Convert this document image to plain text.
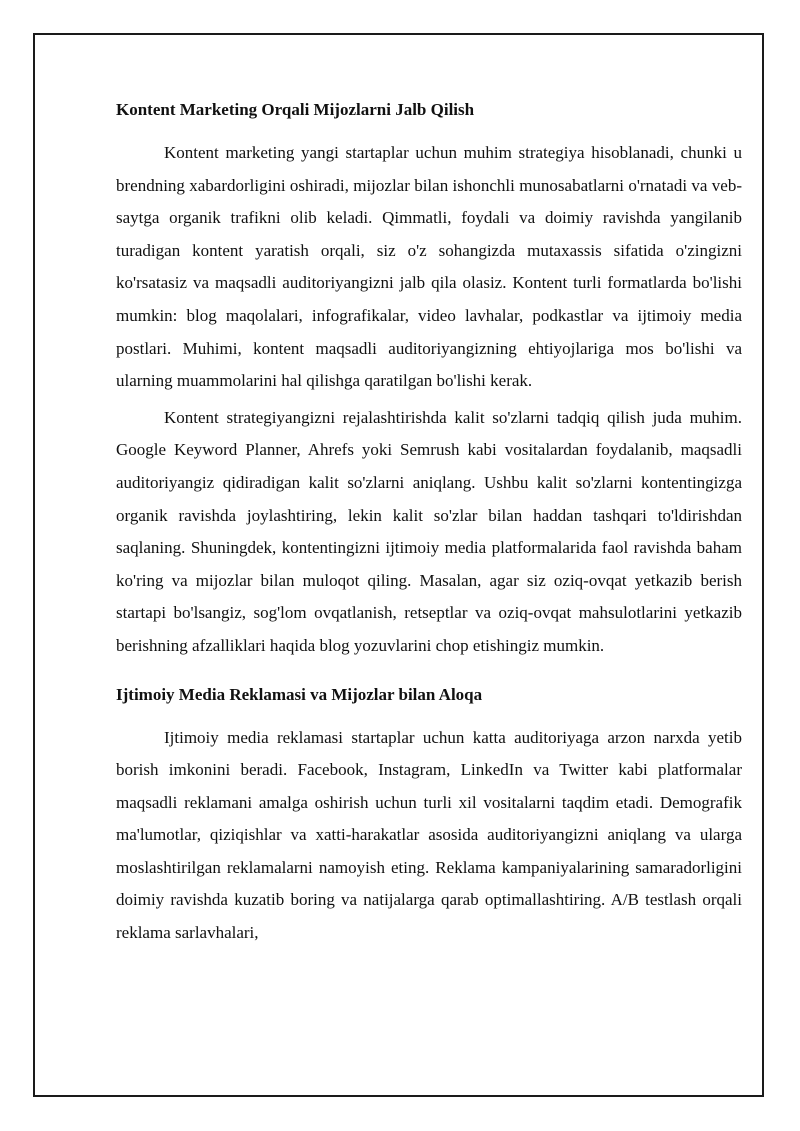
Kontent Marketing Orqali Mijozlarni Jalb Qilish

Kontent marketing yangi startaplar uchun muhim strategiya hisoblanadi, chunki u brendning xabardorligini oshiradi, mijozlar bilan ishonchli munosabatlarni o'rnatadi va veb-saytga organik trafikni olib keladi. Qimmatli, foydali va doimiy ravishda yangilanib turadigan kontent yaratish orqali, siz o'z sohangizda mutaxassis sifatida o'zingizni ko'rsatasiz va maqsadli auditoriyangizni jalb qila olasiz. Kontent turli formatlarda bo'lishi mumkin: blog maqolalari, infografikalar, video lavhalar, podkastlar va ijtimoiy media postlari. Muhimi, kontent maqsadli auditoriyangizning ehtiyojlariga mos bo'lishi va ularning muammolarini hal qilishga qaratilgan bo'lishi kerak.

Kontent strategiyangizni rejalashtirishda kalit so'zlarni tadqiq qilish juda muhim. Google Keyword Planner, Ahrefs yoki Semrush kabi vositalardan foydalanib, maqsadli auditoriyangiz qidiradigan kalit so'zlarni aniqlang. Ushbu kalit so'zlarni kontentingizga organik ravishda joylashtiring, lekin kalit so'zlar bilan haddan tashqari to'ldirishdan saqlaning. Shuningdek, kontentingizni ijtimoiy media platformalarida faol ravishda baham ko'ring va mijozlar bilan muloqot qiling. Masalan, agar siz oziq-ovqat yetkazib berish startapi bo'lsangiz, sog'lom ovqatlanish, retseptlar va oziq-ovqat mahsulotlarini yetkazib berishning afzalliklari haqida blog yozuvlarini chop etishingiz mumkin.

Ijtimoiy Media Reklamasi va Mijozlar bilan Aloqa

Ijtimoiy media reklamasi startaplar uchun katta auditoriyaga arzon narxda yetib borish imkonini beradi. Facebook, Instagram, LinkedIn va Twitter kabi platformalar maqsadli reklamani amalga oshirish uchun turli xil vositalarni taqdim etadi. Demografik ma'lumotlar, qiziqishlar va xatti-harakatlar asosida auditoriyangizni aniqlang va ularga moslashtirilgan reklamalarni namoyish eting. Reklama kampaniyalarining samaradorligini doimiy ravishda kuzatib boring va natijalarga qarab optimallashtiring. A/B testlash orqali reklama sarlavhalari,
